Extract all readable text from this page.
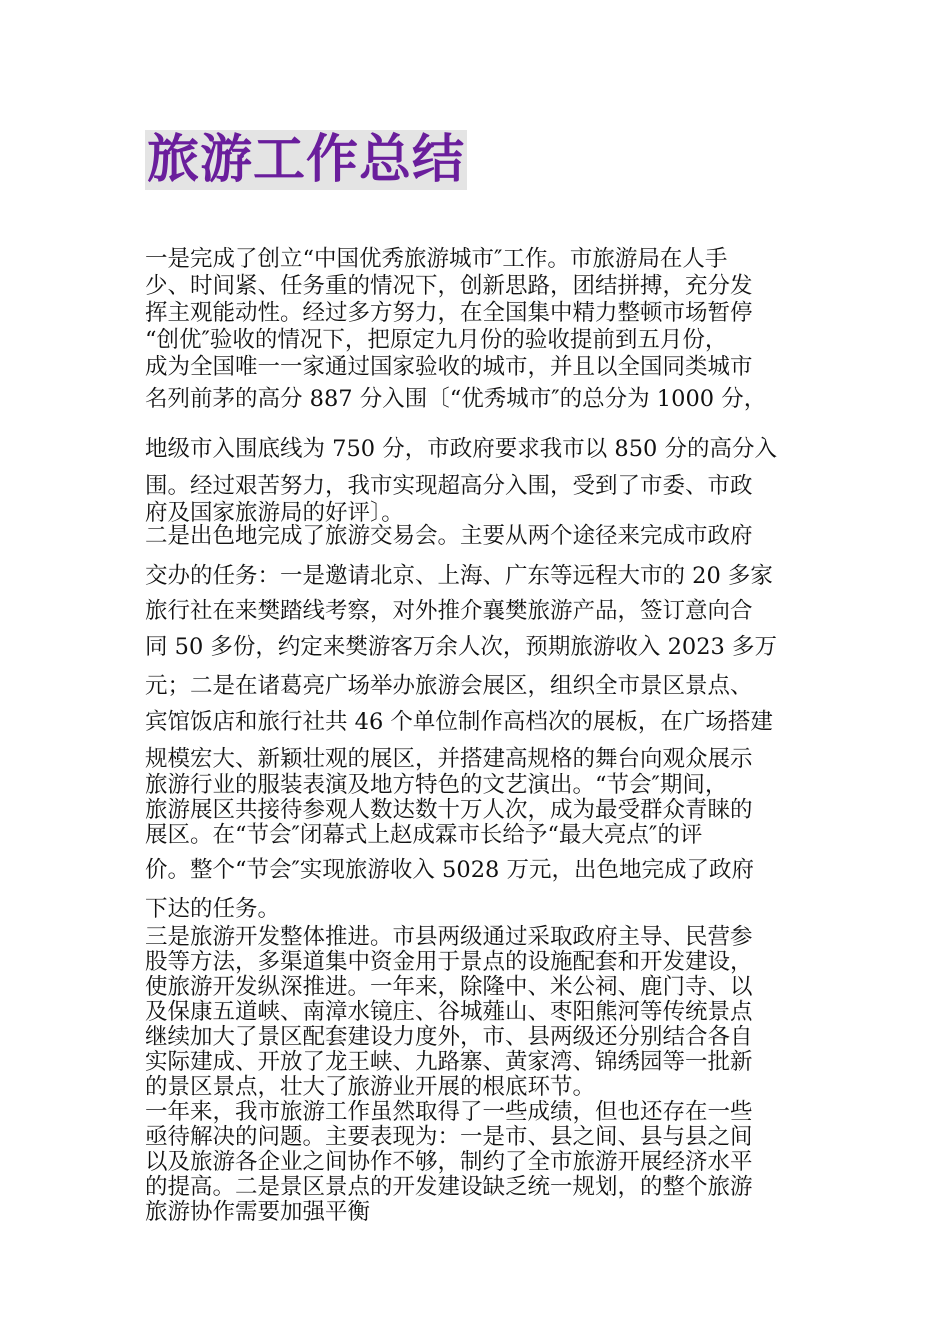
旅游工作总结
一是完成了创立“中国优秀旅游城市″工作。市旅游局在人手
少、时间紧、任务重的情况下，创新思路，团结拼搏，充分发
挥主观能动性。经过多方努力，在全国集中精力整顿市场暂停
“创优″验收的情况下，把原定九月份的验收提前到五月份，
成为全国唯一一家通过国家验收的城市，并且以全国同类城市
名列前茅的高分 887 分入围〔“优秀城市″的总分为 1000 分，
地级市入围底线为 750 分，市政府要求我市以 850 分的高分入
围。经过艰苦努力，我市实现超高分入围，受到了市委、市政
府及国家旅游局的好评〕。
二是出色地完成了旅游交易会。主要从两个途径来完成市政府
交办的任务：一是邀请北京、上海、广东等远程大市的 20 多家
旅行社在来樊踏线考察，对外推介襄樊旅游产品，签订意向合
同 50 多份，约定来樊游客万余人次，预期旅游收入 2023 多万
元；二是在诸葛亮广场举办旅游会展区，组织全市景区景点、
宾馆饭店和旅行社共 46 个单位制作高档次的展板，在广场搭建
规模宏大、新颖壮观的展区，并搭建高规格的舞台向观众展示
旅游行业的服装表演及地方特色的文艺演出。“节会″期间，
旅游展区共接待参观人数达数十万人次，成为最受群众青睐的
展区。在“节会″闭幕式上赵成霖市长给予“最大亮点″的评
价。整个“节会″实现旅游收入 5028 万元，出色地完成了政府
下达的任务。
三是旅游开发整体推进。市县两级通过采取政府主导、民营参
股等方法，多渠道集中资金用于景点的设施配套和开发建设，
使旅游开发纵深推进。一年来，除隆中、米公祠、鹿门寺、以
及保康五道峡、南漳水镜庄、谷城薤山、枣阳熊河等传统景点
继续加大了景区配套建设力度外，市、县两级还分别结合各自
实际建成、开放了龙王峡、九路寨、黄家湾、锦绣园等一批新
的景区景点，壮大了旅游业开展的根底环节。
一年来，我市旅游工作虽然取得了一些成绩，但也还存在一些
亟待解决的问题。主要表现为：一是市、县之间、县与县之间
以及旅游各企业之间协作不够，制约了全市旅游开展经济水平
的提高。二是景区景点的开发建设缺乏统一规划，的整个旅游
旅游协作需要加强平衡
